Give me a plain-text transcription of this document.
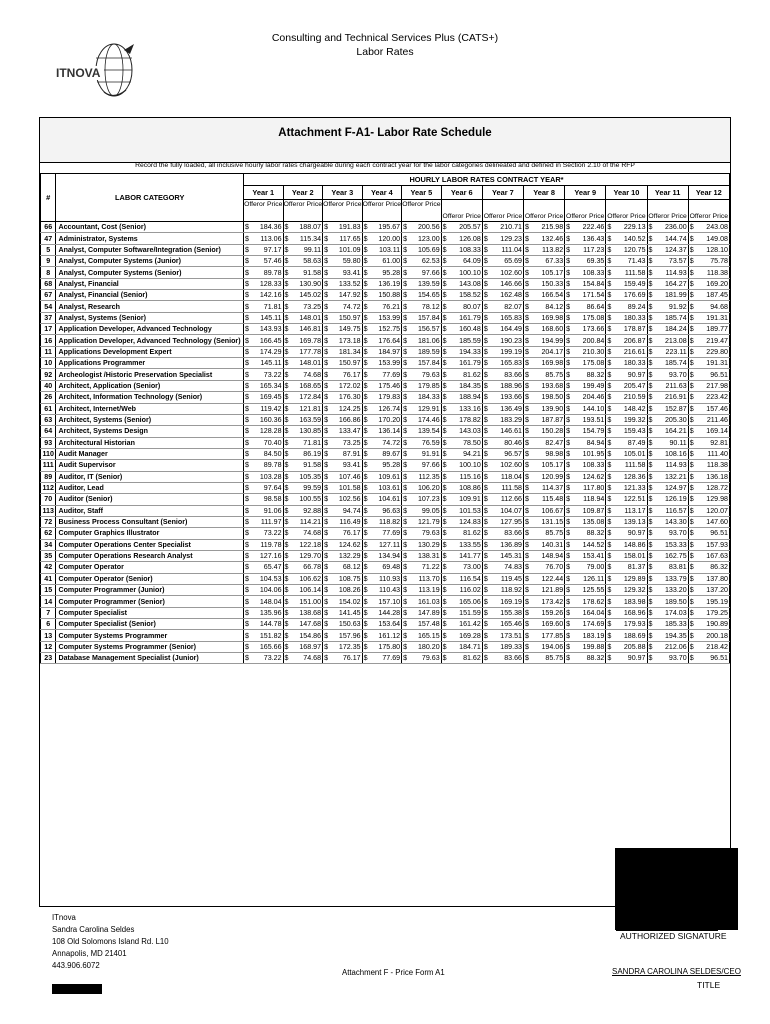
Consulting and Technical Services Plus (CATS+)
Labor Rates
ITNOVA
Attachment F-A1- Labor Rate Schedule
Record the fully loaded, all inclusive hourly labor rates chargeable during each contract year for the labor categories delineated and defined in Section 2.10 of the RFP
#	LABOR CATEGORY	HOURLY LABOR RATES CONTRACT YEAR*																							
		Year 1		Year 2		Year 3		Year 4		Year 5		Year 6		Year 7		Year 8		Year 9		Year 10		Year 11		Year 12	
		Offeror Price		Offeror Price		Offeror Price		Offeror Price		Offeror Price		Offeror Price		Offeror Price		Offeror Price		Offeror Price		Offeror Price		Offeror Price		Offeror Price	
66	Accountant, Cost (Senior)	$	184.36	$	188.07	$	191.83	$	195.67	$	200.56	$	205.57	$	210.71	$	215.98	$	222.46	$	229.13	$	236.00	$	243.08
47	Administrator, Systems	$	113.06	$	115.34	$	117.65	$	120.00	$	123.00	$	126.08	$	129.23	$	132.46	$	136.43	$	140.52	$	144.74	$	149.08
5	Analyst, Computer Software/Integration (Senior)	$	97.17	$	99.11	$	101.09	$	103.11	$	105.69	$	108.33	$	111.04	$	113.82	$	117.23	$	120.75	$	124.37	$	128.10
9	Analyst, Computer Systems (Junior)	$	57.46	$	58.63	$	59.80	$	61.00	$	62.53	$	64.09	$	65.69	$	67.33	$	69.35	$	71.43	$	73.57	$	75.78
8	Analyst, Computer Systems (Senior)	$	89.78	$	91.58	$	93.41	$	95.28	$	97.66	$	100.10	$	102.60	$	105.17	$	108.33	$	111.58	$	114.93	$	118.38
68	Analyst, Financial	$	128.33	$	130.90	$	133.52	$	136.19	$	139.59	$	143.08	$	146.66	$	150.33	$	154.84	$	159.49	$	164.27	$	169.20
67	Analyst, Financial (Senior)	$	142.16	$	145.02	$	147.92	$	150.88	$	154.65	$	158.52	$	162.48	$	166.54	$	171.54	$	176.69	$	181.99	$	187.45
54	Analyst, Research	$	71.81	$	73.25	$	74.72	$	76.21	$	78.12	$	80.07	$	82.07	$	84.12	$	86.64	$	89.24	$	91.92	$	94.68
37	Analyst, Systems (Senior)	$	145.11	$	148.01	$	150.97	$	153.99	$	157.84	$	161.79	$	165.83	$	169.98	$	175.08	$	180.33	$	185.74	$	191.31
17	Application Developer, Advanced Technology	$	143.93	$	146.81	$	149.75	$	152.75	$	156.57	$	160.48	$	164.49	$	168.60	$	173.66	$	178.87	$	184.24	$	189.77
16	Application Developer, Advanced Technology (Senior)	$	166.45	$	169.78	$	173.18	$	176.64	$	181.06	$	185.59	$	190.23	$	194.99	$	200.84	$	206.87	$	213.08	$	219.47
11	Applications Development Expert	$	174.29	$	177.78	$	181.34	$	184.97	$	189.59	$	194.33	$	199.19	$	204.17	$	210.30	$	216.61	$	223.11	$	229.80
10	Applications Programmer	$	145.11	$	148.01	$	150.97	$	153.99	$	157.84	$	161.79	$	165.83	$	169.98	$	175.08	$	180.33	$	185.74	$	191.31
92	Archeologist /Historic Preservation Specialist	$	73.22	$	74.68	$	76.17	$	77.69	$	79.63	$	81.62	$	83.66	$	85.75	$	88.32	$	90.97	$	93.70	$	96.51
40	Architect, Application (Senior)	$	165.34	$	168.65	$	172.02	$	175.46	$	179.85	$	184.35	$	188.96	$	193.68	$	199.49	$	205.47	$	211.63	$	217.98
26	Architect, Information Technology (Senior)	$	169.45	$	172.84	$	176.30	$	179.83	$	184.33	$	188.94	$	193.66	$	198.50	$	204.46	$	210.59	$	216.91	$	223.42
61	Architect, Internet/Web	$	119.42	$	121.81	$	124.25	$	126.74	$	129.91	$	133.16	$	136.49	$	139.90	$	144.10	$	148.42	$	152.87	$	157.46
63	Architect, Systems (Senior)	$	160.36	$	163.59	$	166.86	$	170.20	$	174.46	$	178.82	$	183.29	$	187.87	$	193.51	$	199.32	$	205.30	$	211.46
64	Architect, Systems Design	$	128.28	$	130.85	$	133.47	$	136.14	$	139.54	$	143.03	$	146.61	$	150.28	$	154.79	$	159.43	$	164.21	$	169.14
93	Architectural Historian	$	70.40	$	71.81	$	73.25	$	74.72	$	76.59	$	78.50	$	80.46	$	82.47	$	84.94	$	87.49	$	90.11	$	92.81
110	Audit Manager	$	84.50	$	86.19	$	87.91	$	89.67	$	91.91	$	94.21	$	96.57	$	98.98	$	101.95	$	105.01	$	108.16	$	111.40
111	Audit Supervisor	$	89.78	$	91.58	$	93.41	$	95.28	$	97.66	$	100.10	$	102.60	$	105.17	$	108.33	$	111.58	$	114.93	$	118.38
89	Auditor, IT (Senior)	$	103.28	$	105.35	$	107.46	$	109.61	$	112.35	$	115.16	$	118.04	$	120.99	$	124.62	$	128.36	$	132.21	$	136.18
112	Auditor, Lead	$	97.64	$	99.59	$	101.58	$	103.61	$	106.20	$	108.86	$	111.58	$	114.37	$	117.80	$	121.33	$	124.97	$	128.72
70	Auditor (Senior)	$	98.58	$	100.55	$	102.56	$	104.61	$	107.23	$	109.91	$	112.66	$	115.48	$	118.94	$	122.51	$	126.19	$	129.98
113	Auditor, Staff	$	91.06	$	92.88	$	94.74	$	96.63	$	99.05	$	101.53	$	104.07	$	106.67	$	109.87	$	113.17	$	116.57	$	120.07
72	Business Process Consultant (Senior)	$	111.97	$	114.21	$	116.49	$	118.82	$	121.79	$	124.83	$	127.95	$	131.15	$	135.08	$	139.13	$	143.30	$	147.60
62	Computer Graphics Illustrator	$	73.22	$	74.68	$	76.17	$	77.69	$	79.63	$	81.62	$	83.66	$	85.75	$	88.32	$	90.97	$	93.70	$	96.51
34	Computer Operations Center Specialist	$	119.78	$	122.18	$	124.62	$	127.11	$	130.29	$	133.55	$	136.89	$	140.31	$	144.52	$	148.86	$	153.33	$	157.93
35	Computer Operations Research Analyst	$	127.16	$	129.70	$	132.29	$	134.94	$	138.31	$	141.77	$	145.31	$	148.94	$	153.41	$	158.01	$	162.75	$	167.63
42	Computer Operator	$	65.47	$	66.78	$	68.12	$	69.48	$	71.22	$	73.00	$	74.83	$	76.70	$	79.00	$	81.37	$	83.81	$	86.32
41	Computer Operator (Senior)	$	104.53	$	106.62	$	108.75	$	110.93	$	113.70	$	116.54	$	119.45	$	122.44	$	126.11	$	129.89	$	133.79	$	137.80
15	Computer Programmer (Junior)	$	104.06	$	106.14	$	108.26	$	110.43	$	113.19	$	116.02	$	118.92	$	121.89	$	125.55	$	129.32	$	133.20	$	137.20
14	Computer Programmer (Senior)	$	148.04	$	151.00	$	154.02	$	157.10	$	161.03	$	165.06	$	169.19	$	173.42	$	178.62	$	183.98	$	189.50	$	195.19
7	Computer Specialist	$	135.96	$	138.68	$	141.45	$	144.28	$	147.89	$	151.59	$	155.38	$	159.26	$	164.04	$	168.96	$	174.03	$	179.25
6	Computer Specialist (Senior)	$	144.78	$	147.68	$	150.63	$	153.64	$	157.48	$	161.42	$	165.46	$	169.60	$	174.69	$	179.93	$	185.33	$	190.89
13	Computer Systems Programmer	$	151.82	$	154.86	$	157.96	$	161.12	$	165.15	$	169.28	$	173.51	$	177.85	$	183.19	$	188.69	$	194.35	$	200.18
12	Computer Systems Programmer (Senior)	$	165.66	$	168.97	$	172.35	$	175.80	$	180.20	$	184.71	$	189.33	$	194.06	$	199.88	$	205.88	$	212.06	$	218.42
23	Database Management Specialist (Junior)	$	73.22	$	74.68	$	76.17	$	77.69	$	79.63	$	81.62	$	83.66	$	85.75	$	88.32	$	90.97	$	93.70	$	96.51
ITnova
Sandra Carolina Seldes
108 Old Solomons Island Rd. L10
Annapolis, MD 21401
443.906.6072
Attachment F - Price Form A1
AUTHORIZED SIGNATURE
SANDRA CAROLINA SELDES/CEO
TITLE
